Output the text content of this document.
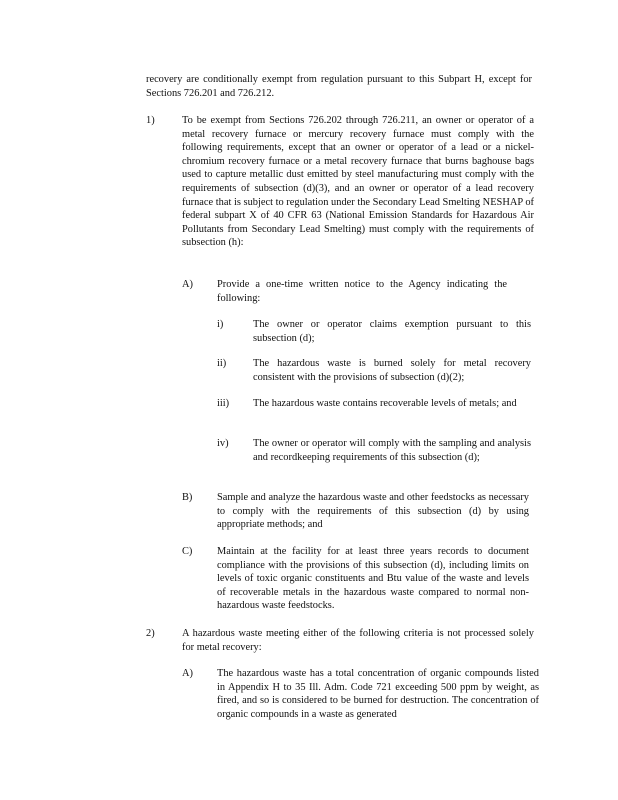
recovery are conditionally exempt from regulation pursuant to this Subpart H, except for Sections 726.201 and 726.212.

1)	To be exempt from Sections 726.202 through 726.211, an owner or operator of a metal recovery furnace or mercury recovery furnace must comply with the following requirements, except that an owner or operator of a lead or a nickel-chromium recovery furnace or a metal recovery furnace that burns baghouse bags used to capture metallic dust emitted by steel manufacturing must comply with the requirements of subsection (d)(3), and an owner or operator of a lead recovery furnace that is subject to regulation under the Secondary Lead Smelting NESHAP of federal subpart X of 40 CFR 63 (National Emission Standards for Hazardous Air Pollutants from Secondary Lead Smelting) must comply with the requirements of subsection (h):

A) Provide a one-time written notice to the Agency indicating the following:

i)	The owner or operator claims exemption pursuant to this subsection (d);

ii)	The hazardous waste is burned solely for metal recovery consistent with the provisions of subsection (d)(2);

iii) The hazardous waste contains recoverable levels of metals; and

iv) The owner or operator will comply with the sampling and analysis and recordkeeping requirements of this subsection (d);

B) Sample and analyze the hazardous waste and other feedstocks as necessary to comply with the requirements of this subsection (d) by using appropriate methods; and

C) Maintain at the facility for at least three years records to document compliance with the provisions of this subsection (d), including limits on levels of toxic organic constituents and Btu value of the waste and levels of recoverable metals in the hazardous waste compared to normal non-hazardous waste feedstocks.

2)	A hazardous waste meeting either of the following criteria is not processed solely for metal recovery:

A) The hazardous waste has a total concentration of organic compounds listed in Appendix H to 35 Ill. Adm. Code 721 exceeding 500 ppm by weight, as fired, and so is considered to be burned for destruction. The concentration of organic compounds in a waste as generated
